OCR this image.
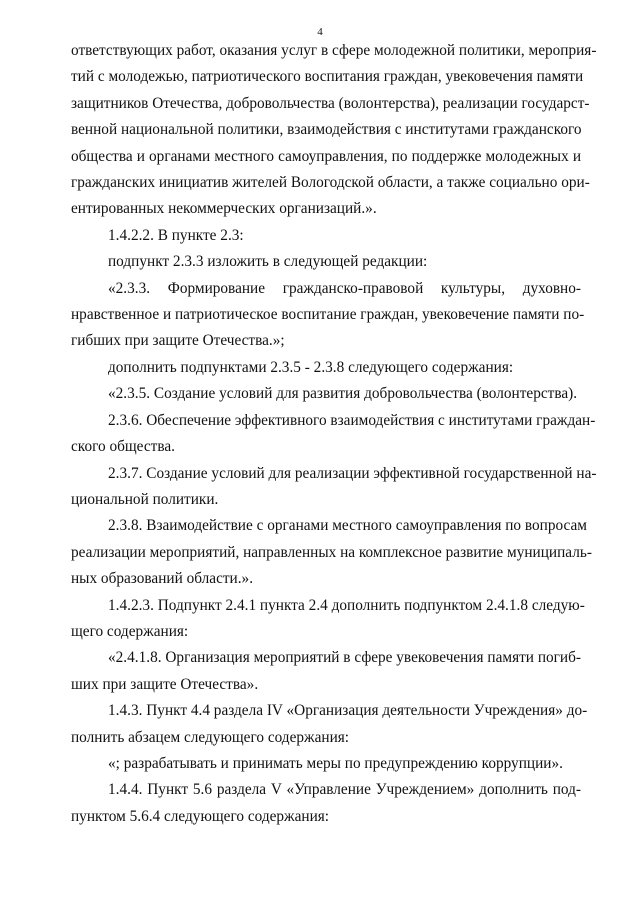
4

ответствующих работ, оказания услуг в сфере молодежной политики, мероприя-
тий с молодежью, патриотического воспитания граждан, увековечения памяти
защитников Отечества, добровольчества (волонтерства), реализации государст-
венной национальной политики, взаимодействия с институтами гражданского
общества и органами местного самоуправления, по поддержке молодежных и
гражданских инициатив жителей Вологодской области, а также социально ори-
ентированных некоммерческих организаций.».

1.4.2.2. В пункте 2.3:

подпункт 2.3.3 изложить в следующей редакции:

«2.3.3. Формирование гражданско-правовой культуры, духовно-
нравственное и патриотическое воспитание граждан, увековечение памяти по-
гибших при защите Отечества.»;

дополнить подпунктами 2.3.5 - 2.3.8 следующего содержания:

«2.3.5. Создание условий для развития добровольчества (волонтерства).

2.3.6. Обеспечение эффективного взаимодействия с институтами граждан-
ского общества.

2.3.7. Создание условий для реализации эффективной государственной на-
циональной политики.

2.3.8. Взаимодействие с органами местного самоуправления по вопросам
реализации мероприятий, направленных на комплексное развитие муниципаль-
ных образований области.».

1.4.2.3. Подпункт 2.4.1 пункта 2.4 дополнить подпунктом 2.4.1.8 следую-
щего содержания:

«2.4.1.8. Организация мероприятий в сфере увековечения памяти погиб-
ших при защите Отечества».

1.4.3. Пункт 4.4 раздела IV «Организация деятельности Учреждения» до-
полнить абзацем следующего содержания:

«; разрабатывать и принимать меры по предупреждению коррупции».

1.4.4. Пункт 5.6 раздела V «Управление Учреждением» дополнить под-
пунктом 5.6.4 следующего содержания:
